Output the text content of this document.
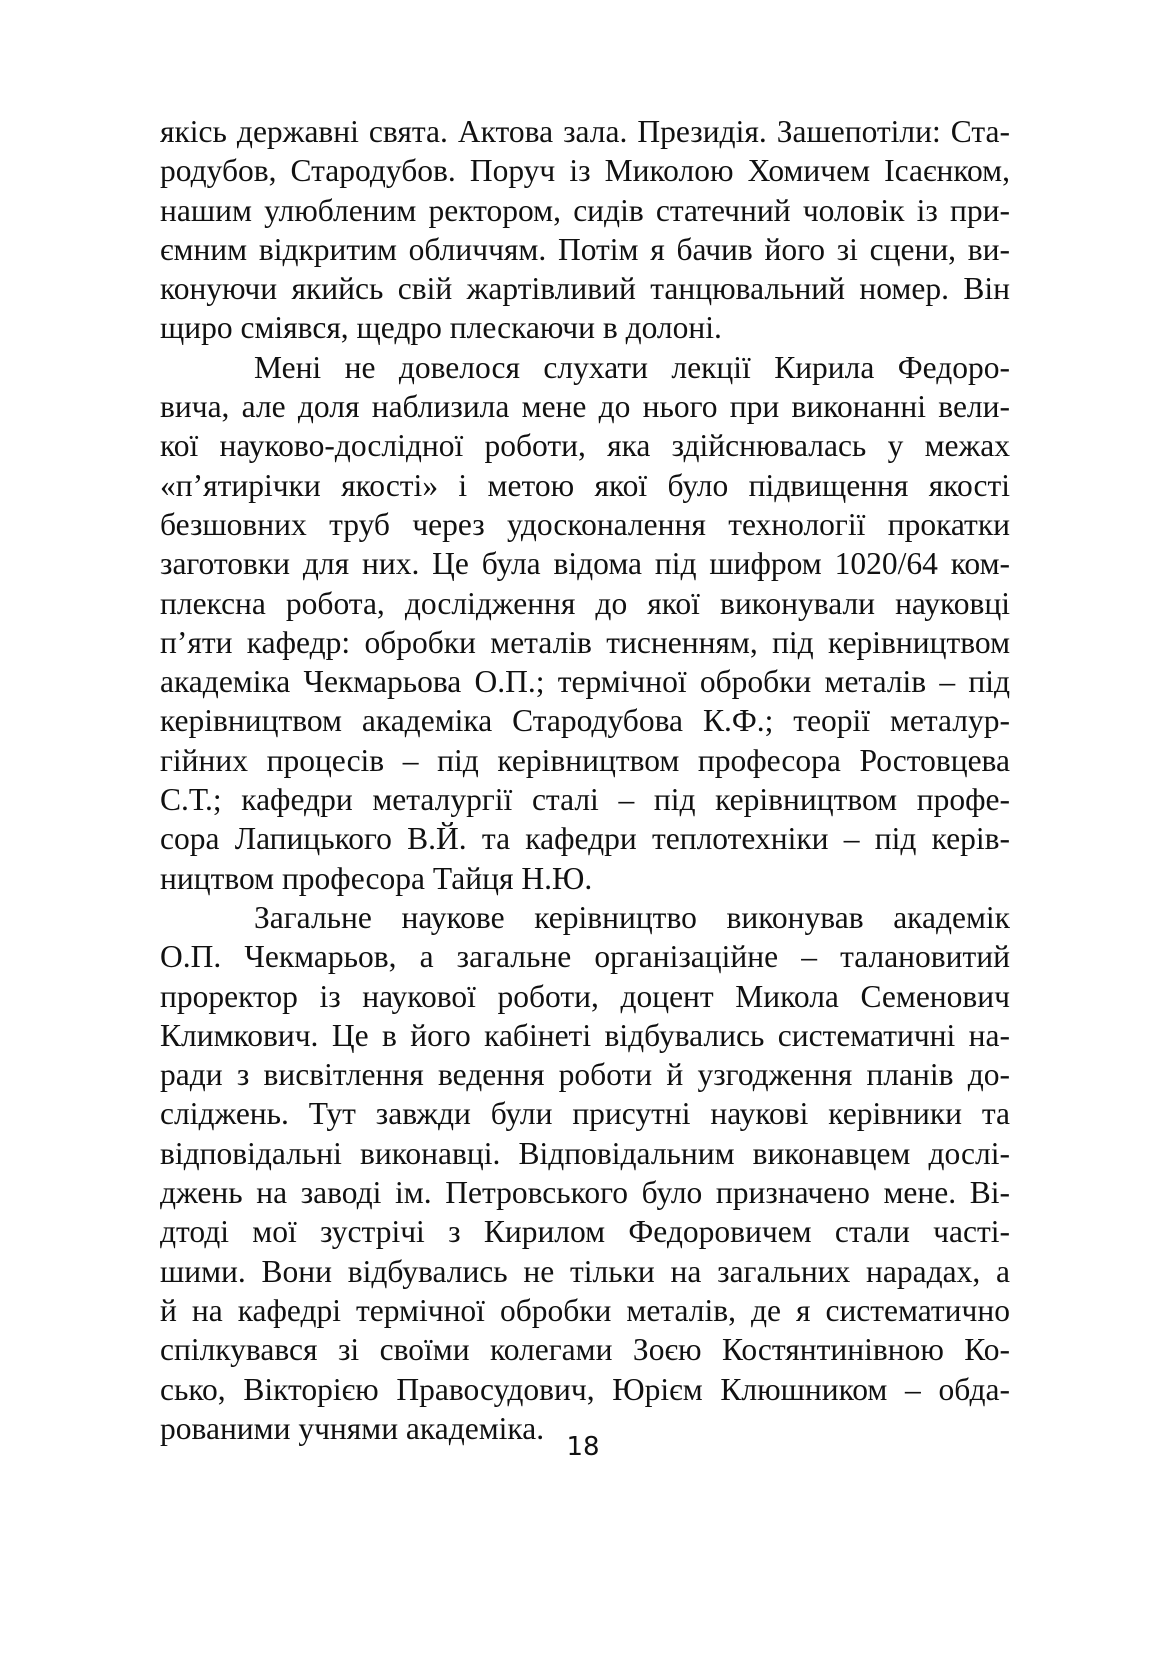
якісь державні свята. Актова зала. Президія. Зашепотіли: Ста-
родубов, Стародубов. Поруч із Миколою Хомичем Ісаєнком,
нашим улюбленим ректором, сидів статечний чоловік із при-
ємним відкритим обличчям. Потім я бачив його зі сцени, ви-
конуючи якийсь свій жартівливий танцювальний номер. Він
щиро сміявся, щедро плескаючи в долоні.
Мені не довелося слухати лекції Кирила Федоро-
вича, але доля наблизила мене до нього при виконанні вели-
кої науково-дослідної роботи, яка здійснювалась у межах
«п’ятирічки якості» і метою якої було підвищення якості
безшовних труб через удосконалення технології прокатки
заготовки для них. Це була відома під шифром 1020/64 ком-
плексна робота, дослідження до якої виконували науковці
п’яти кафедр: обробки металів тисненням, під керівництвом
академіка Чекмарьова О.П.; термічної обробки металів – під
керівництвом академіка Стародубова К.Ф.; теорії металур-
гійних процесів – під керівництвом професора Ростовцева
С.Т.; кафедри металургії сталі – під керівництвом профе-
сора Лапицького В.Й. та кафедри теплотехніки – під керів-
ництвом професора Тайця Н.Ю.
Загальне наукове керівництво виконував академік
О.П. Чекмарьов, а загальне організаційне – талановитий
проректор із наукової роботи, доцент Микола Семенович
Климкович. Це в його кабінеті відбувались систематичні на-
ради з висвітлення ведення роботи й узгодження планів до-
сліджень. Тут завжди були присутні наукові керівники та
відповідальні виконавці. Відповідальним виконавцем дослі-
джень на заводі ім. Петровського було призначено мене. Ві-
дтоді мої зустрічі з Кирилом Федоровичем стали часті-
шими. Вони відбувались не тільки на загальних нарадах, а
й на кафедрі термічної обробки металів, де я систематично
спілкувався зі своїми колегами Зоєю Костянтинівною Ко-
сько, Вікторією Правосудович, Юрієм Клюшником – обда-
рованими учнями академіка.
18
